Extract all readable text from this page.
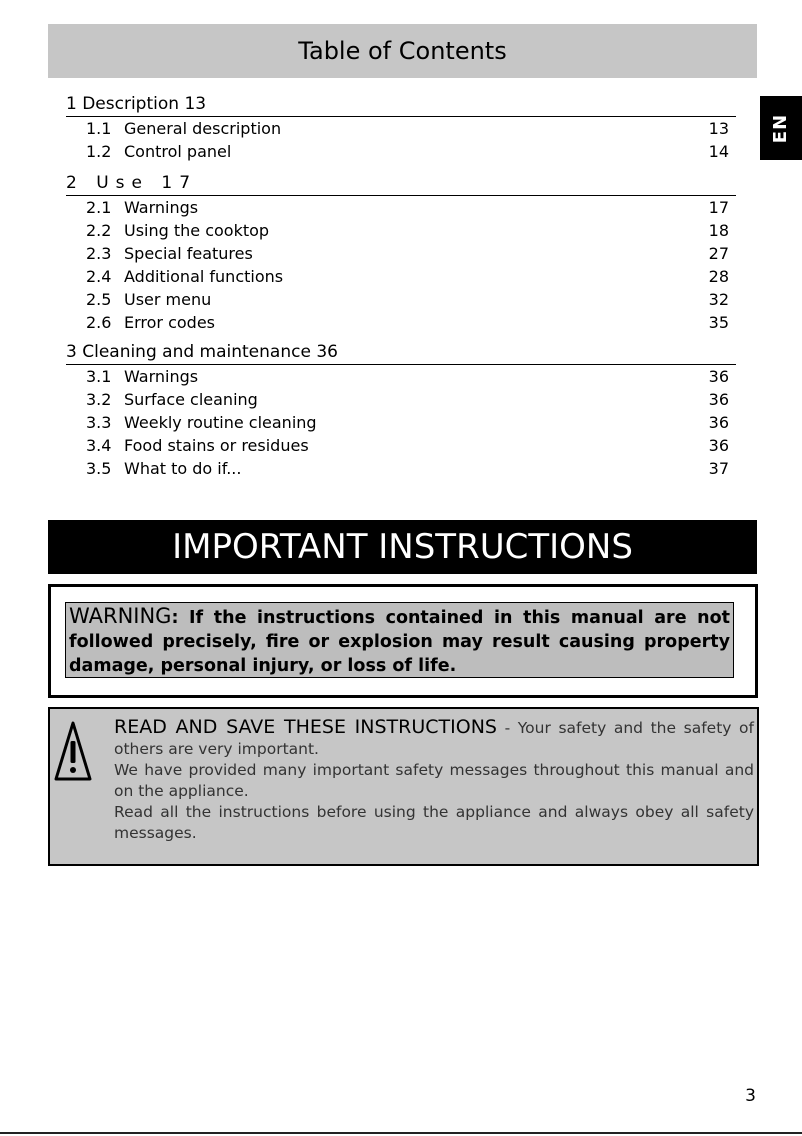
Table of Contents
EN
1 Description 13
1.1 General description	13
1.2 Control panel	14
2 Use 17
2.1 Warnings	17
2.2 Using the cooktop	18
2.3 Special features	27
2.4 Additional functions	28
2.5 User menu	32
2.6 Error codes	35
3 Cleaning and maintenance 36
3.1 Warnings	36
3.2 Surface cleaning	36
3.3 Weekly routine cleaning	36
3.4 Food stains or residues	36
3.5 What to do if...	37
IMPORTANT INSTRUCTIONS
WARNING: If the instructions contained in this manual are not followed precisely, fire or explosion may result causing property damage, personal injury, or loss of life.

READ AND SAVE THESE INSTRUCTIONS - Your safety and the safety of others are very important.

We have provided many important safety messages throughout this manual and on the appliance.

Read all the instructions before using the appliance and always obey all safety messages.

3
